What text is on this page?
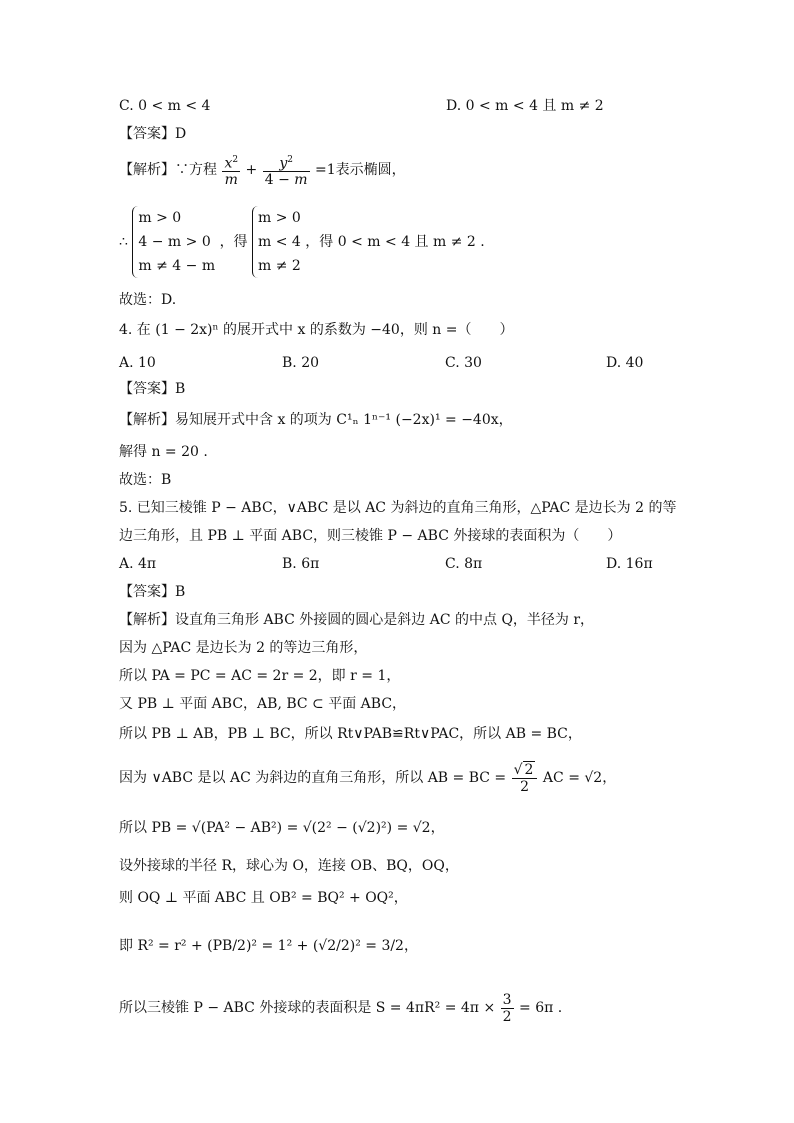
C. 0 < m < 4	D. 0 < m < 4 且 m ≠ 2
【答案】D
【解析】∵方程 $\frac{x^2}{m} + \frac{y^2}{4 - m} =1$表示椭圆，
∴
m > 0
4 − m > 0
m ≠ 4 − m
，得
m > 0
m < 4
m ≠ 2
，得 0 < m < 4 且 m ≠ 2 .
故选：D.
4. 在 (1 − 2x)ⁿ 的展开式中 x 的系数为 −40，则 n =（　　）
A. 10	B. 20	C. 30	D. 40
【答案】B
【解析】易知展开式中含 x 的项为 C¹ₙ 1ⁿ⁻¹ (−2x)¹ = −40x，
解得 n = 20 .
故选：B
5. 已知三棱锥 P − ABC，∨ABC 是以 AC 为斜边的直角三角形，△PAC 是边长为 2 的等
边三角形，且 PB ⊥ 平面 ABC，则三棱锥 P − ABC 外接球的表面积为（　　）
A. 4π	B. 6π	C. 8π	D. 16π
【答案】B
【解析】设直角三角形 ABC 外接圆的圆心是斜边 AC 的中点 Q，半径为 r，
因为 △PAC 是边长为 2 的等边三角形，
所以 PA = PC = AC = 2r = 2，即 r = 1，
又 PB ⊥ 平面 ABC，AB, BC ⊂ 平面 ABC，
所以 PB ⊥ AB，PB ⊥ BC，所以 Rt∨PAB≌Rt∨PAC，所以 AB = BC，
因为 ∨ABC 是以 AC 为斜边的直角三角形，所以 AB = BC = $\frac{√ 2}{2}$ AC = √2，
所以 PB = √(PA² − AB²) = √(2² − (√2)²) = √2，
设外接球的半径 R，球心为 O，连接 OB、BQ，OQ，
则 OQ ⊥ 平面 ABC 且 OB² = BQ² + OQ²，
即 R² = r² + (PB/2)² = 1² + (√2/2)² = 3/2，
所以三棱锥 P − ABC 外接球的表面积是 $S = 4\pi R^2 = 4\pi \times \frac{3}{2} = 6\pi$ .
